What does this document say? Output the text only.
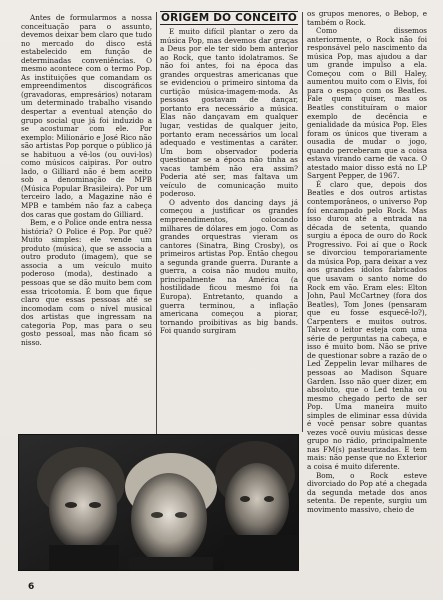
Antes de formularmos a nossa conceituação para o assunto, devemos deixar bem claro que tudo no mercado do disco está estabelecido em função de determinadas conveniências. O mesmo acontece com o termo Pop. As instituições que comandam os empreendimentos discográficos (gravadoras, empresários) notaram um determinado trabalho visando despertar a eventual atenção do grupo social que já foi induzido a se acostumar com ele. Por exemplo: Milionário e José Rico não são artistas Pop porque o público já se habituou a vê-los (ou ouvi-los) como músicos caipiras. Por outro lado, o Gilliard não é bem aceito sob a denominação de MPB (Música Popular Brasileira). Por um terceiro lado, a Magazine não é MPB e também não faz a cabeça dos caras que gostam do Gilliard.

Bem, e o Police onde entra nessa história? O Police é Pop. Por quê? Muito simples: ele vende um produto (música), que se associa a outro produto (imagem), que se associa a um veículo muito poderoso (moda), destinado a pessoas que se dão muito bem com essa tricotomia. É bom que fique claro que essas pessoas até se incomodam com o nível musical dos artistas que ingressam na categoria Pop, mas para o seu gosto pessoal, mas não ficam só nisso.

ORIGEM DO CONCEITO

É muito difícil plantar o zero da música Pop, mas devemos dar graças a Deus por ele ter sido bem anterior ao Rock, que tanto idolatramos. Se não foi antes, foi na época das grandes orquestras americanas que se evidenciou o primeiro sintoma da curtição música-imagem-moda. As pessoas gostavam de dançar, portanto era necessário a música. Elas não dançavam em qualquer lugar, vestidas de qualquer jeito, portanto eram necessários um local adequado e vestimentas a caráter. Um bom observador poderia questionar se a época não tinha as vacas também não era assim? Poderia até ser, mas faltava um veículo de comunicação muito poderoso.

O advento dos dancing days já começou a justificar os grandes empreendimentos, colocando milhares de dólares em jogo. Com as grandes orquestras vieram os cantores (Sinatra, Bing Crosby), os primeiros artistas Pop. Então chegou a segunda grande guerra. Durante a guerra, a coisa não mudou muito, principalmente na América (a hostilidade ficou mesmo foi na Europa). Entretanto, quando a guerra terminou, a inflação americana começou a piorar, tornando proibitivas as big bands. Foi quando surgiram

os grupos menores, o Bebop, e também o Rock.

Como dissemos anteriormente, o Rock não foi responsável pelo nascimento da música Pop, mas ajudou a dar um grande impulso a ela. Começou com o Bill Haley, aumentou muito com o Elvis, foi para o espaço com os Beatles. Fale quem quiser, mas os Beatles constituíram o maior exemplo de decência e genialidade da música Pop. Eles foram os únicos que tiveram a ousadia de mudar o jogo, quando perceberam que a coisa estava virando carne de vaca. O atestado maior disso está no LP Sargent Pepper, de 1967.

É claro que, depois dos Beatles e dos outros artistas contemporâneos, o universo Pop foi encampado pelo Rock. Mas isso durou até a entrada na década de setenta, quando surgiu a época de ouro do Rock Progressivo. Foi aí que o Rock se divorciou temporariamente da música Pop, para deixar a vez aos grandes ídolos fabricados que usavam o santo nome do Rock em vão. Eram eles: Elton John, Paul McCartney (fora dos Beatles), Tom Jones (pensaram que eu fosse esquecê-lo?), Carpenters e muitos outros. Talvez o leitor esteja com uma série de perguntas na cabeça, e isso é muito bom. Não se prive de questionar sobre a razão de o Led Zeppelin levar milhares de pessoas ao Madison Square Garden. Isso não quer dizer, em absoluto, que o Led tenha ou mesmo chegado perto de ser Pop. Uma maneira muito simples de eliminar essa dúvida é você pensar sobre quantas vezes você ouviu músicas desse grupo no rádio, principalmente nas FM(s) pasteurizadas. E tem mais: não pense que no Exterior a coisa é muito diferente.

Bom, o Rock esteve divorciado do Pop até a chegada da segunda metade dos anos setenta. De repente, surgiu um movimento massivo, cheio de

6
